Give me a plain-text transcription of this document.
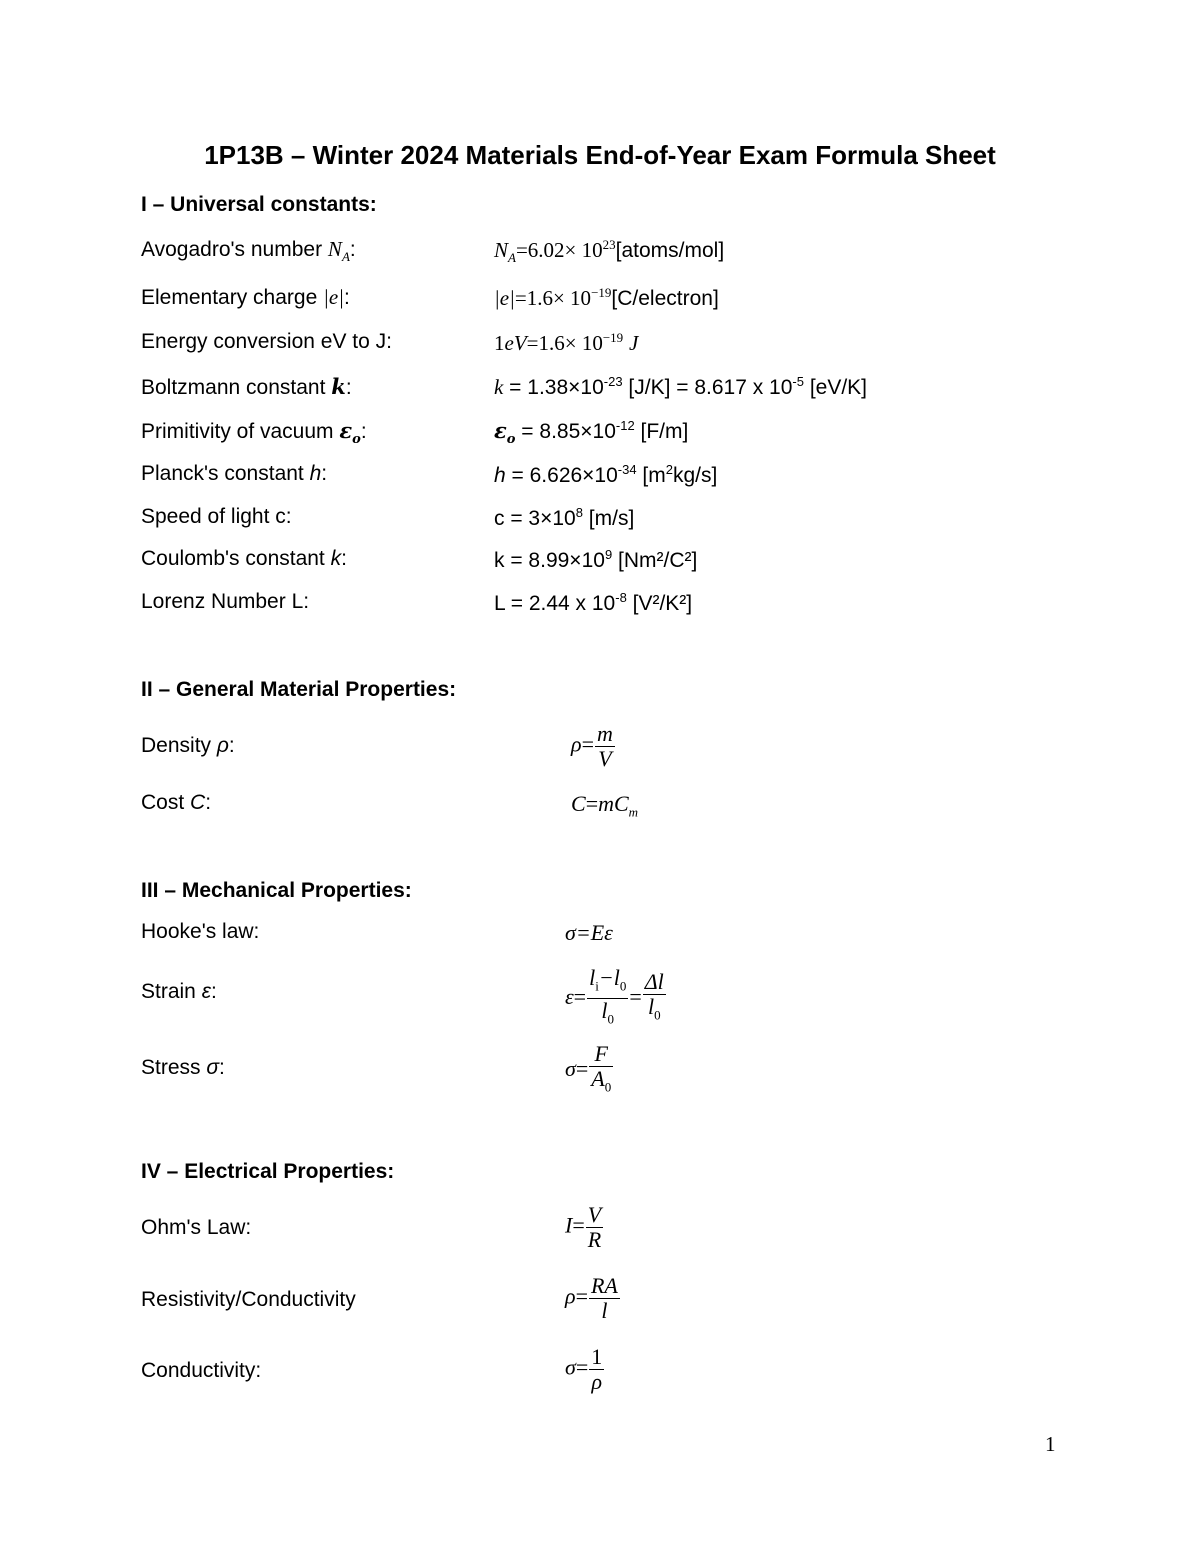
1P13B – Winter 2024 Materials End-of-Year Exam Formula Sheet
I – Universal constants:
Avogadro's number $N_A$:	$N_A=6.02\times$ $10^{23}[atoms/mol]$
Elementary charge |e|:	$|e|=1.6\times 10^{-19}[C/electron]$
Energy conversion eV to J:	$1eV=1.6\times 10^{-19}$ J
Boltzmann constant k:	$k = 1.38\times 10^{-23}$ [J/K] = 8.617 x $10^{-5}$ [eV/K]
Primitivity of vacuum $\varepsilon_o$:	$\varepsilon_o = 8.85\times 10^{-12}$ [F/m]
Planck's constant h:	$h = 6.626\times 10^{-34}$ $[m^2kg/s]$
Speed of light c:	$c = 3\times 10^8$ [m/s]
Coulomb's constant k:	$k = 8.99\times 10^9$ [Nm²/C²]
Lorenz Number L:	L = 2.44 x $10^{-8}$ [V²/K²]
II – General Material Properties:
Density ρ:	$\rho= \frac{m}{V}$
Cost C:	$C=mC_m$
III – Mechanical Properties:
Hooke's law:	σ=Eε
Strain ε:	$\varepsilon= \frac{l_i-l_0}{l_0} = \frac{\Delta l}{l_0}$
Stress σ:	$\sigma= \frac{F}{A_0}$
IV – Electrical Properties:
Ohm's Law:	$I= \frac{V}{R}$
Resistivity/Conductivity	$\rho= \frac{RA}{l}$
Conductivity:	$\sigma= \frac{1}{\rho}$
1
